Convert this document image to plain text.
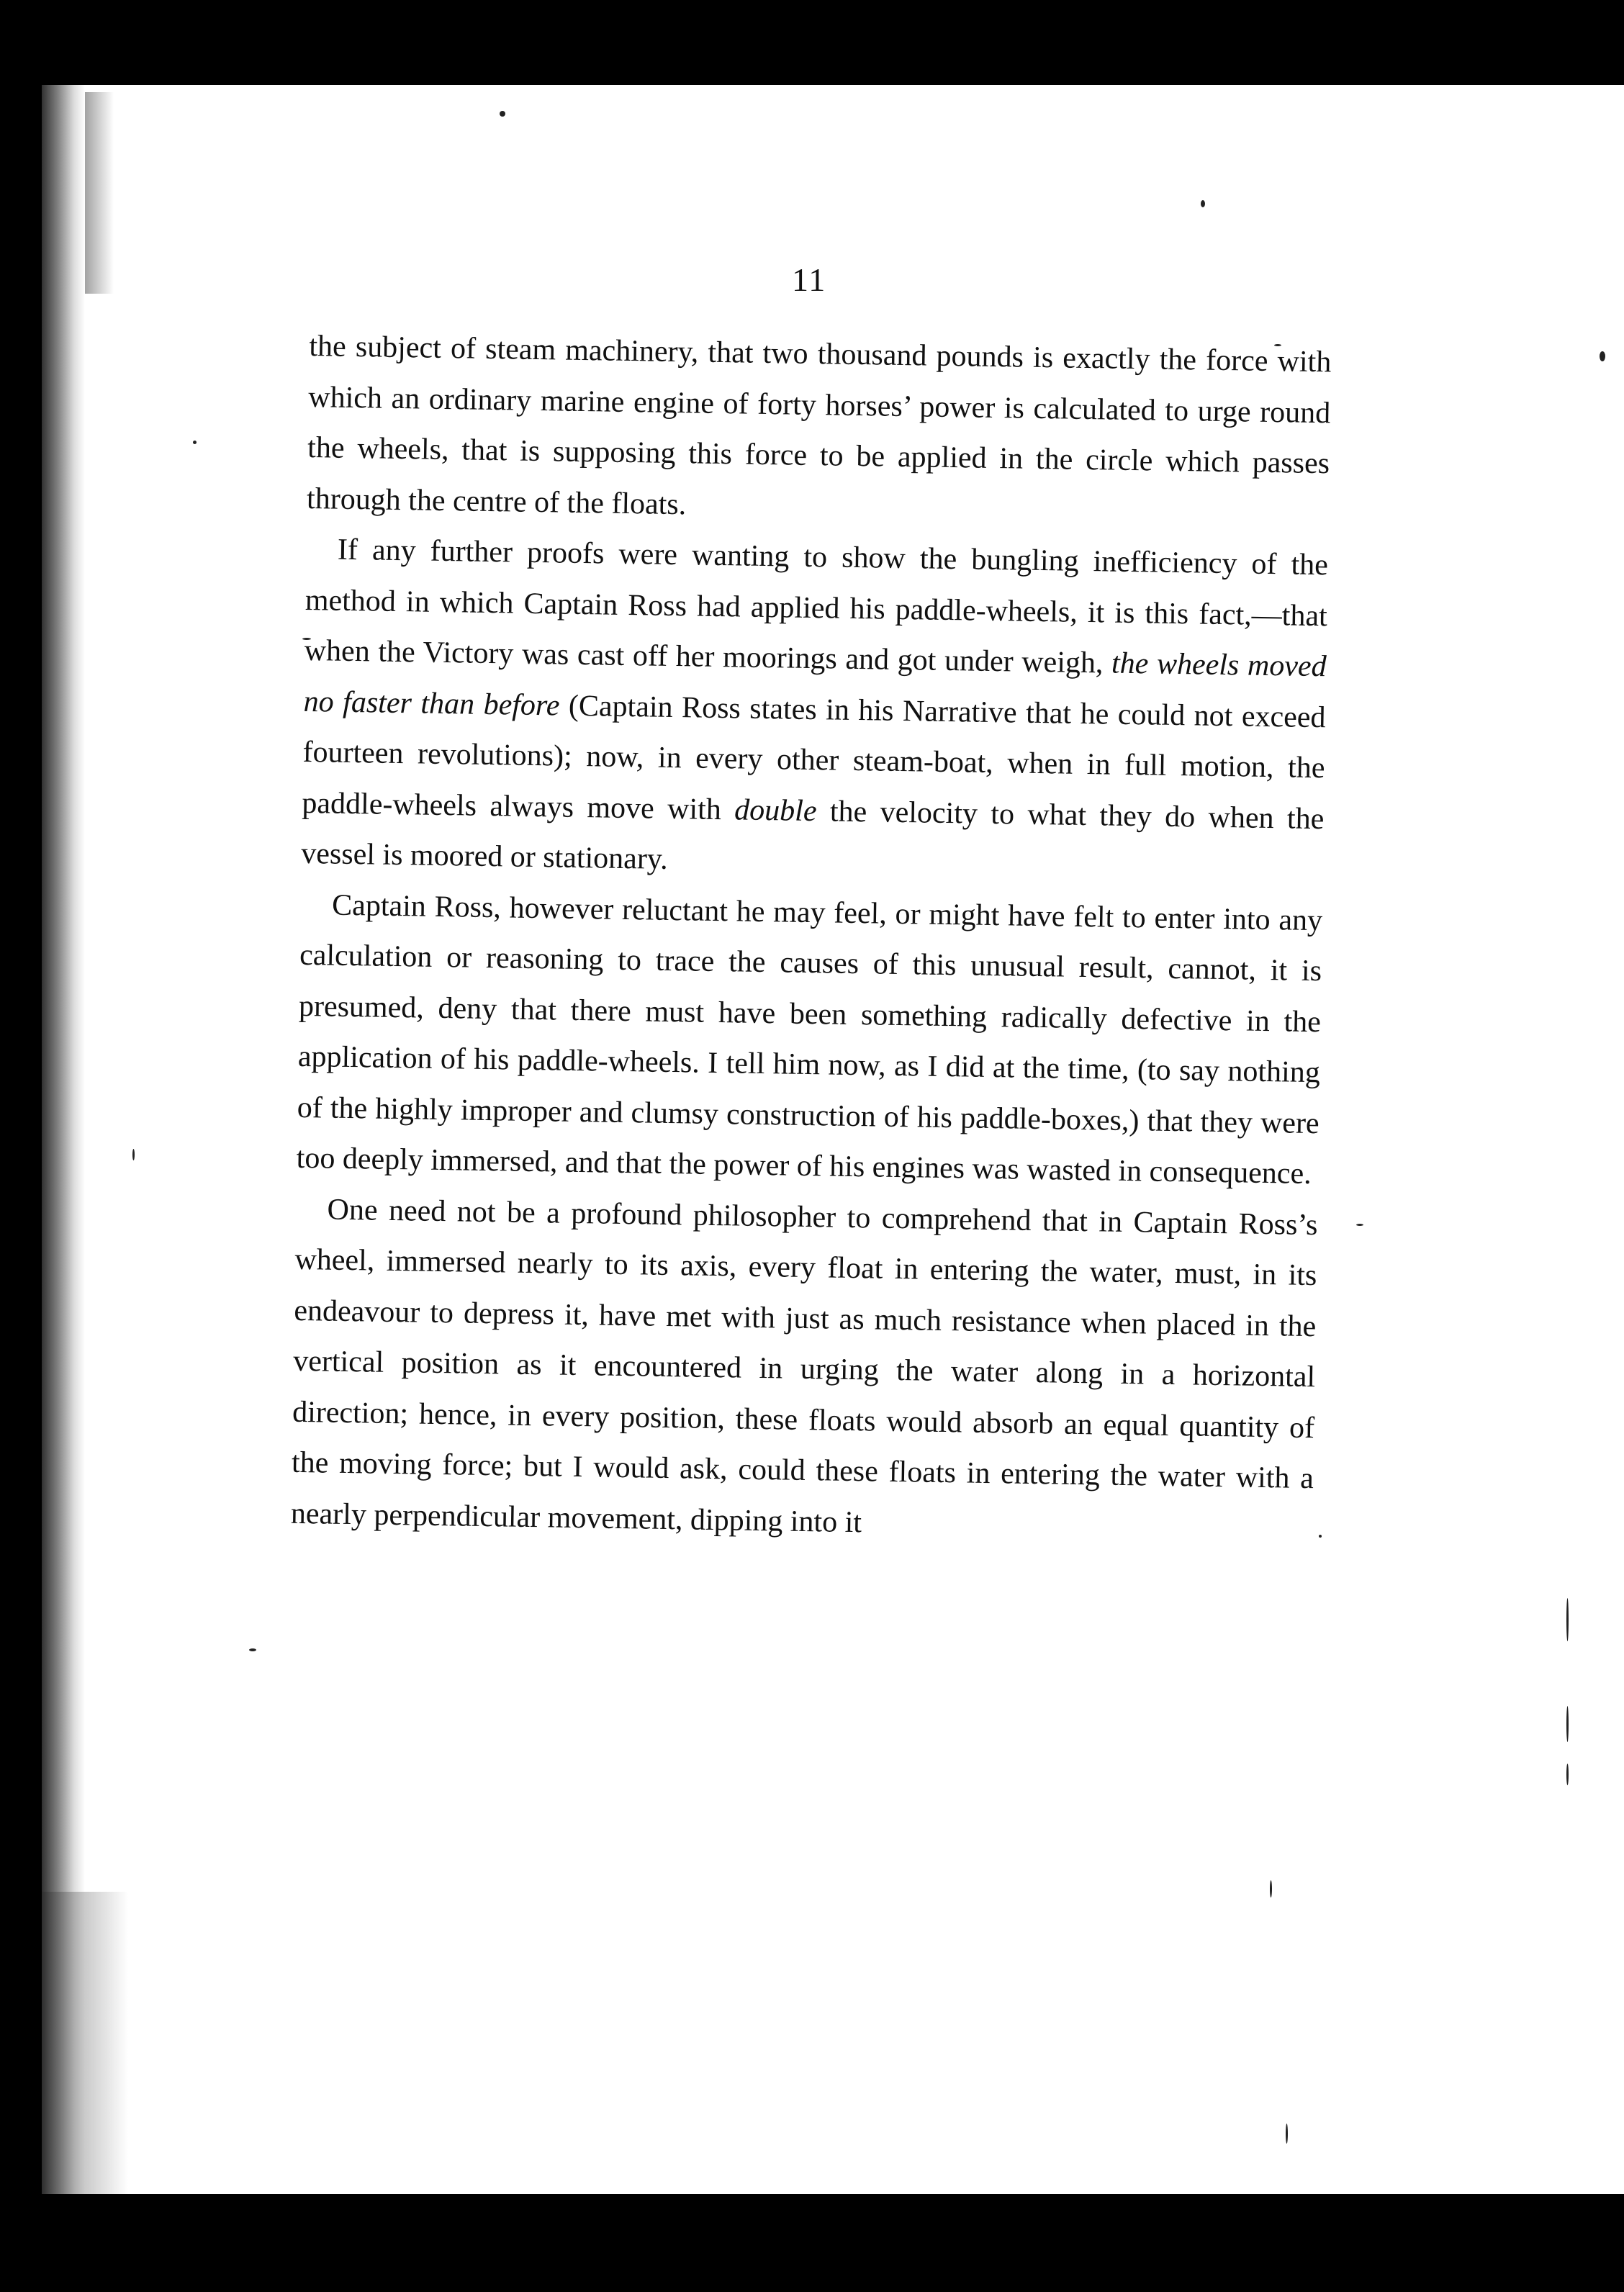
11

the subject of steam machinery, that two thousand pounds is exactly the force with which an ordinary marine engine of forty horses’ power is calculated to urge round the wheels, that is supposing this force to be applied in the circle which passes through the centre of the floats.

If any further proofs were wanting to show the bungling inefficiency of the method in which Captain Ross had applied his paddle-wheels, it is this fact,—that when the Victory was cast off her moorings and got under weigh, the wheels moved no faster than before (Captain Ross states in his Narrative that he could not exceed fourteen revolutions); now, in every other steam-boat, when in full motion, the paddle-wheels always move with double the velocity to what they do when the vessel is moored or stationary.

Captain Ross, however reluctant he may feel, or might have felt to enter into any calculation or reasoning to trace the causes of this unusual result, cannot, it is presumed, deny that there must have been something radically defective in the application of his paddle-wheels. I tell him now, as I did at the time, (to say nothing of the highly improper and clumsy construction of his paddle-boxes,) that they were too deeply immersed, and that the power of his engines was wasted in consequence.

One need not be a profound philosopher to comprehend that in Captain Ross’s wheel, immersed nearly to its axis, every float in entering the water, must, in its endeavour to depress it, have met with just as much resistance when placed in the vertical position as it encountered in urging the water along in a horizontal direction; hence, in every position, these floats would absorb an equal quantity of the moving force; but I would ask, could these floats in entering the water with a nearly perpendicular movement, dipping into it
